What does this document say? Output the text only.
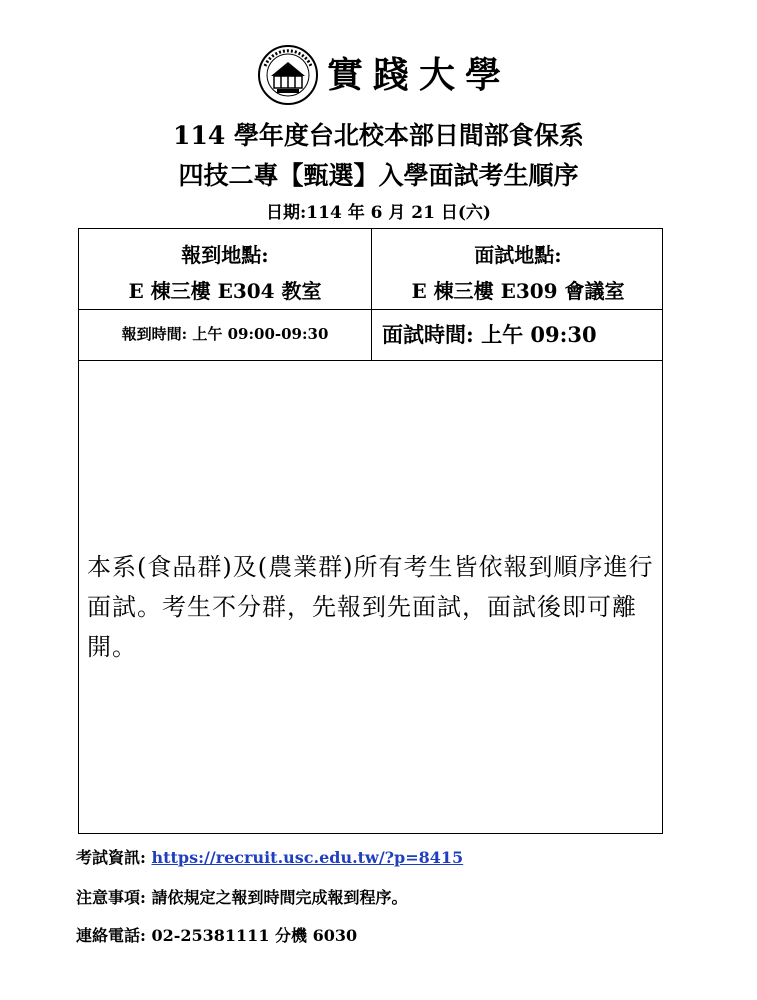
實踐大學
114 學年度台北校本部日間部食保系
四技二專【甄選】入學面試考生順序
日期:114 年 6 月 21 日(六)
報到地點:
E 棟三樓 E304 教室
面試地點:
E 棟三樓 E309 會議室
報到時間: 上午 09:00-09:30	面試時間: 上午 09:30
本系(食品群)及(農業群)所有考生皆依報到順序進行面試。考生不分群，先報到先面試，面試後即可離開。
考試資訊: https://recruit.usc.edu.tw/?p=8415
注意事項: 請依規定之報到時間完成報到程序。
連絡電話: 02-25381111 分機 6030
